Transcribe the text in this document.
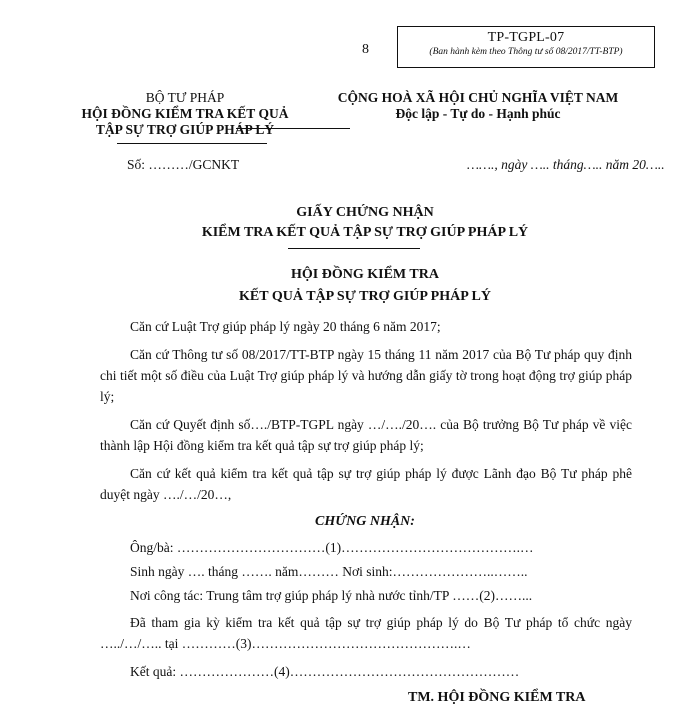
8
TP-TGPL-07
(Ban hành kèm theo Thông tư số 08/2017/TT-BTP)
BỘ TƯ PHÁP
HỘI ĐỒNG KIỂM TRA KẾT QUẢ
TẬP SỰ TRỢ GIÚP PHÁP LÝ
CỘNG HOÀ XÃ HỘI CHỦ NGHĨA VIỆT NAM
Độc lập - Tự do - Hạnh phúc
Số: ………/GCNKT	……., ngày ….. tháng….. năm 20…..
GIẤY CHỨNG NHẬN
KIỂM TRA KẾT QUẢ TẬP SỰ TRỢ GIÚP PHÁP LÝ
HỘI ĐỒNG KIỂM TRA
KẾT QUẢ TẬP SỰ TRỢ GIÚP PHÁP LÝ

Căn cứ Luật Trợ giúp pháp lý ngày 20 tháng 6 năm 2017;

Căn cứ Thông tư số 08/2017/TT-BTP ngày 15 tháng 11 năm 2017 của Bộ Tư pháp quy định chi tiết một số điều của Luật Trợ giúp pháp lý và hướng dẫn giấy tờ trong hoạt động trợ giúp pháp lý;

Căn cứ Quyết định số…./BTP-TGPL ngày …/…./20…. của Bộ trưởng Bộ Tư pháp về việc thành lập Hội đồng kiểm tra kết quả tập sự trợ giúp pháp lý;

Căn cứ kết quả kiểm tra kết quả tập sự trợ giúp pháp lý được Lãnh đạo Bộ Tư pháp phê duyệt ngày …./…/20…,

CHỨNG NHẬN:
Ông/bà: ……………………………(1)………………………………….…
Sinh ngày …. tháng ……. năm……… Nơi sinh:…………………..……..
Nơi công tác: Trung tâm trợ giúp pháp lý nhà nước tỉnh/TP ……(2)……...

Đã tham gia kỳ kiểm tra kết quả tập sự trợ giúp pháp lý do Bộ Tư pháp tổ chức ngày …../…/….. tại …………(3)……………………………………….…

Kết quả: …………………(4)……………………………………………
TM. HỘI ĐỒNG KIỂM TRA
